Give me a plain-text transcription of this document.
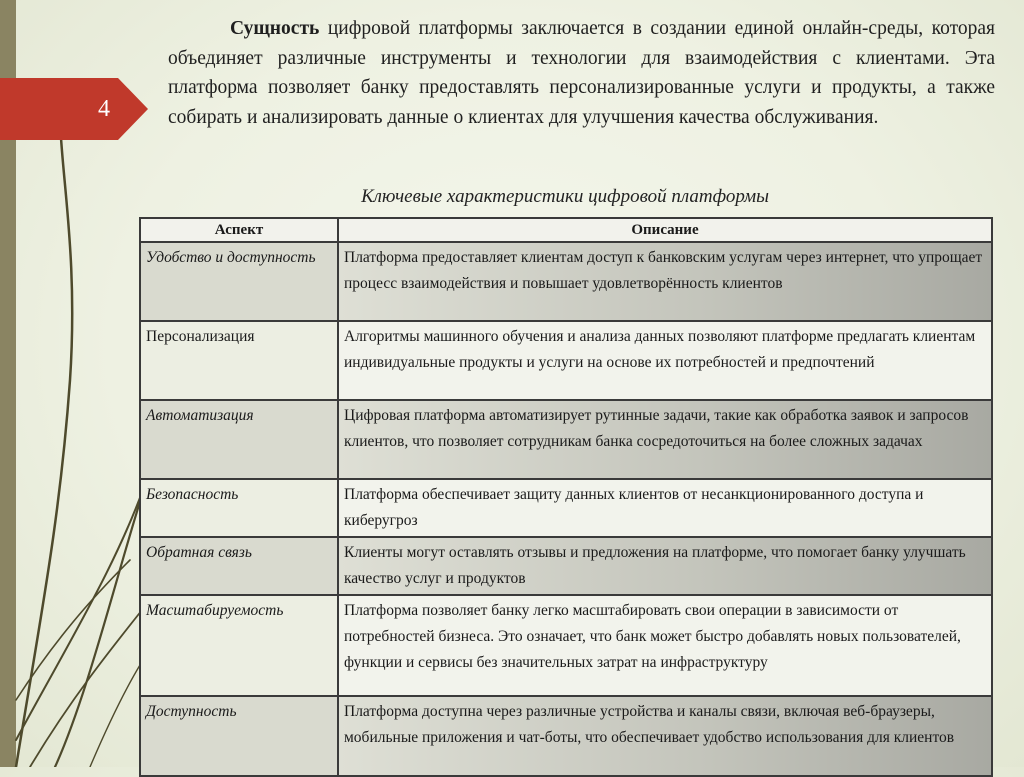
4
Сущность цифровой платформы заключается в создании единой онлайн-среды, которая объединяет различные инструменты и технологии для взаимодействия с клиентами. Эта платформа позволяет банку предоставлять персонализированные услуги и продукты, а также собирать и анализировать данные о клиентах для улучшения качества обслуживания.
Ключевые характеристики цифровой платформы
Аспект	Описание
Удобство и доступность	Платформа предоставляет клиентам доступ к банковским услугам через интернет, что упрощает процесс взаимодействия и повышает удовлетворённость клиентов
Персонализация	Алгоритмы машинного обучения и анализа данных позволяют платформе предлагать клиентам индивидуальные продукты и услуги на основе их потребностей и предпочтений
Автоматизация	Цифровая платформа автоматизирует рутинные задачи, такие как обработка заявок и запросов клиентов, что позволяет сотрудникам банка сосредоточиться на более сложных задачах
Безопасность	Платформа обеспечивает защиту данных клиентов от несанкционированного доступа и киберугроз
Обратная связь	Клиенты могут оставлять отзывы и предложения на платформе, что помогает банку улучшать качество услуг и продуктов
Масштабируемость	Платформа позволяет банку легко масштабировать свои операции в зависимости от потребностей бизнеса. Это означает, что банк может быстро добавлять новых пользователей, функции и сервисы без значительных затрат на инфраструктуру
Доступность	Платформа доступна через различные устройства и каналы связи, включая веб-браузеры, мобильные приложения и чат-боты, что обеспечивает удобство использования для клиентов
